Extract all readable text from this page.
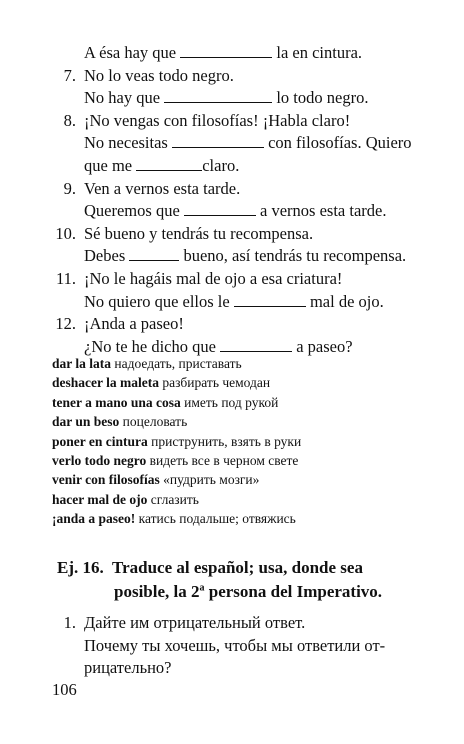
A ésa hay que	la en cintura.
7. No lo veas todo negro.
No hay que	lo todo negro.
8. ¡No vengas con filosofías! ¡Habla claro!
No necesitas	con filosofías. Quiero
que me	claro.
9. Ven a vernos esta tarde.
Queremos que	a vernos esta tarde.
10. Sé bueno y tendrás tu recompensa.
Debes	bueno, así tendrás tu recompensa.
11. ¡No le hagáis mal de ojo a esa criatura!
No quiero que ellos le	mal de ojo.
12. ¡Anda a paseo!
¿No te he dicho que	a paseo?
dar la lata надоедать, приставать
deshacer la maleta разбирать чемодан
tener a mano una cosa иметь под рукой
dar un beso поцеловать
poner en cintura приструнить, взять в руки
verlo todo negro видеть все в черном свете
venir con filosofías «пудрить мозги»
hacer mal de ojo сглазить
¡anda a paseo! катись подальше; отвяжись
Ej. 16. Traduce al español; usa, donde sea
posible, la 2$^a$ persona del Imperativo.
1. Дайте им отрицательный ответ.
Почему ты хочешь, чтобы мы ответили от-
рицательно?
106
